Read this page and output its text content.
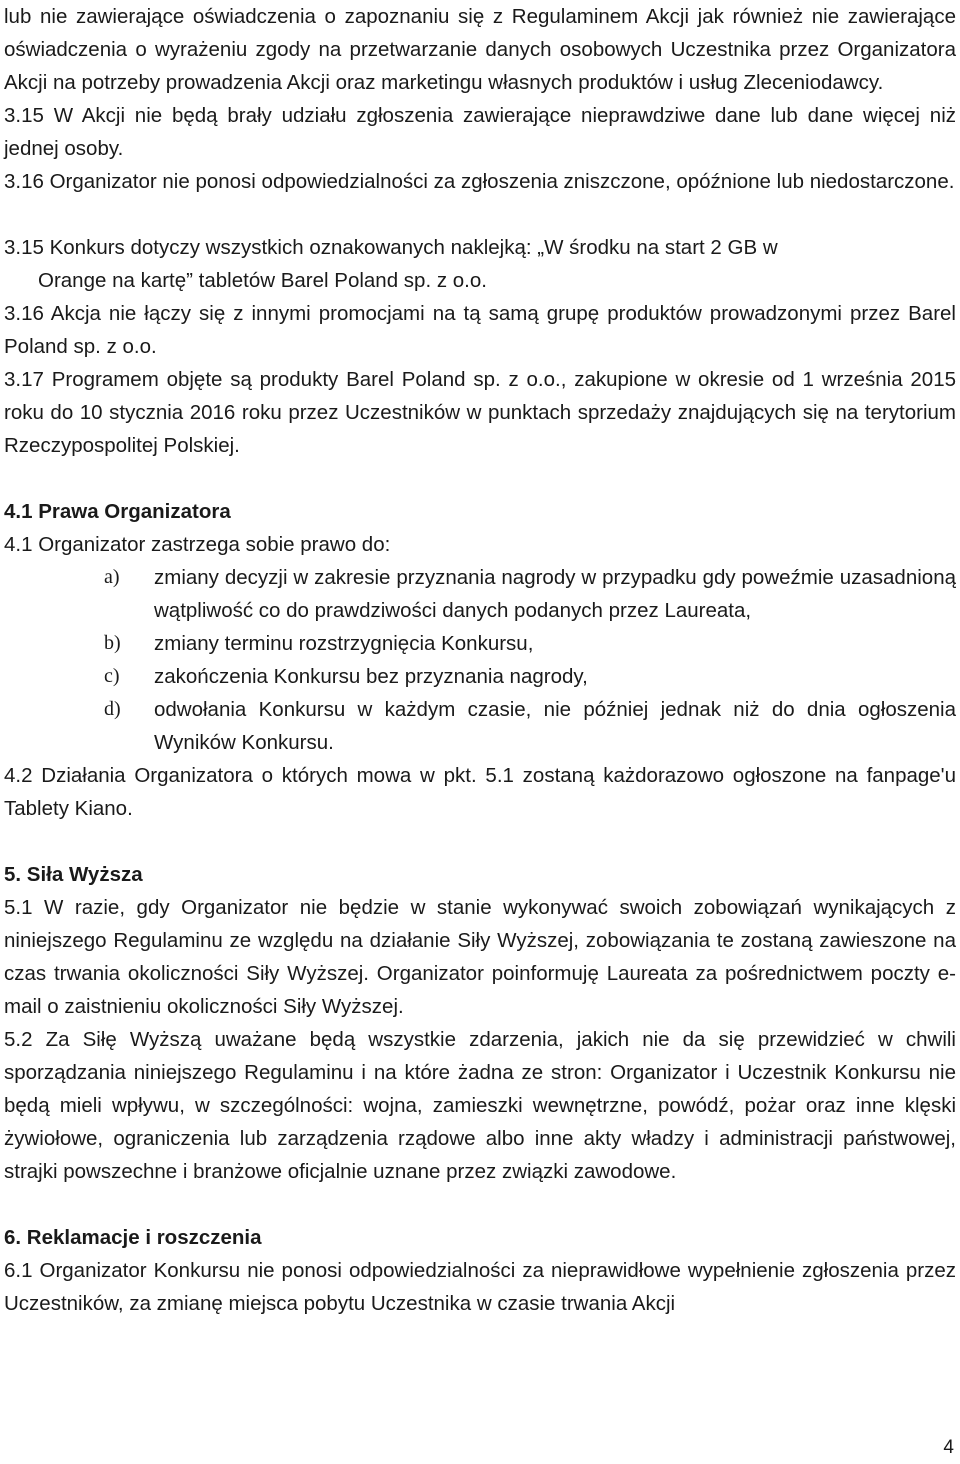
lub nie zawierające oświadczenia o zapoznaniu się z Regulaminem Akcji jak również nie zawierające oświadczenia o wyrażeniu zgody na przetwarzanie danych osobowych Uczestnika przez Organizatora Akcji na potrzeby prowadzenia Akcji oraz marketingu własnych produktów i usług Zleceniodawcy.

3.15 W Akcji nie będą brały udziału zgłoszenia zawierające nieprawdziwe dane lub dane więcej niż jednej osoby.

3.16 Organizator nie ponosi odpowiedzialności za zgłoszenia zniszczone, opóźnione lub niedostarczone.

3.15 Konkurs dotyczy wszystkich oznakowanych naklejką: „W środku na start 2 GB w

Orange na kartę” tabletów Barel Poland sp. z o.o.

3.16 Akcja nie łączy się z innymi promocjami na tą samą grupę produktów prowadzonymi przez Barel Poland sp. z o.o.

3.17 Programem objęte są produkty Barel Poland sp. z o.o., zakupione w okresie od 1 września 2015 roku do 10 stycznia 2016 roku przez Uczestników w punktach sprzedaży znajdujących się na terytorium Rzeczypospolitej Polskiej.

4.1 Prawa Organizatora

4.1 Organizator zastrzega sobie prawo do:

a)	zmiany decyzji w zakresie przyznania nagrody w przypadku gdy poweźmie uzasadnioną wątpliwość co do prawdziwości danych podanych przez Laureata,
b)	zmiany terminu rozstrzygnięcia Konkursu,
c)	zakończenia Konkursu bez przyznania nagrody,
d)	odwołania Konkursu w każdym czasie, nie później jednak niż do dnia ogłoszenia Wyników Konkursu.

4.2 Działania Organizatora o których mowa w pkt. 5.1 zostaną każdorazowo ogłoszone na fanpage'u Tablety Kiano.

5. Siła Wyższa

5.1 W razie, gdy Organizator nie będzie w stanie wykonywać swoich zobowiązań wynikających z niniejszego Regulaminu ze względu na działanie Siły Wyższej, zobowiązania te zostaną zawieszone na czas trwania okoliczności Siły Wyższej. Organizator poinformuję Laureata za pośrednictwem poczty e-mail o zaistnieniu okoliczności Siły Wyższej.

5.2 Za Siłę Wyższą uważane będą wszystkie zdarzenia, jakich nie da się przewidzieć w chwili sporządzania niniejszego Regulaminu i na które żadna ze stron: Organizator i Uczestnik Konkursu nie będą mieli wpływu, w szczególności: wojna, zamieszki wewnętrzne, powódź, pożar oraz inne klęski żywiołowe, ograniczenia lub zarządzenia rządowe albo inne akty władzy i administracji państwowej, strajki powszechne i branżowe oficjalnie uznane przez związki zawodowe.

6. Reklamacje i roszczenia

6.1 Organizator Konkursu nie ponosi odpowiedzialności za nieprawidłowe wypełnienie zgłoszenia przez Uczestników, za zmianę miejsca pobytu Uczestnika w czasie trwania Akcji

4
